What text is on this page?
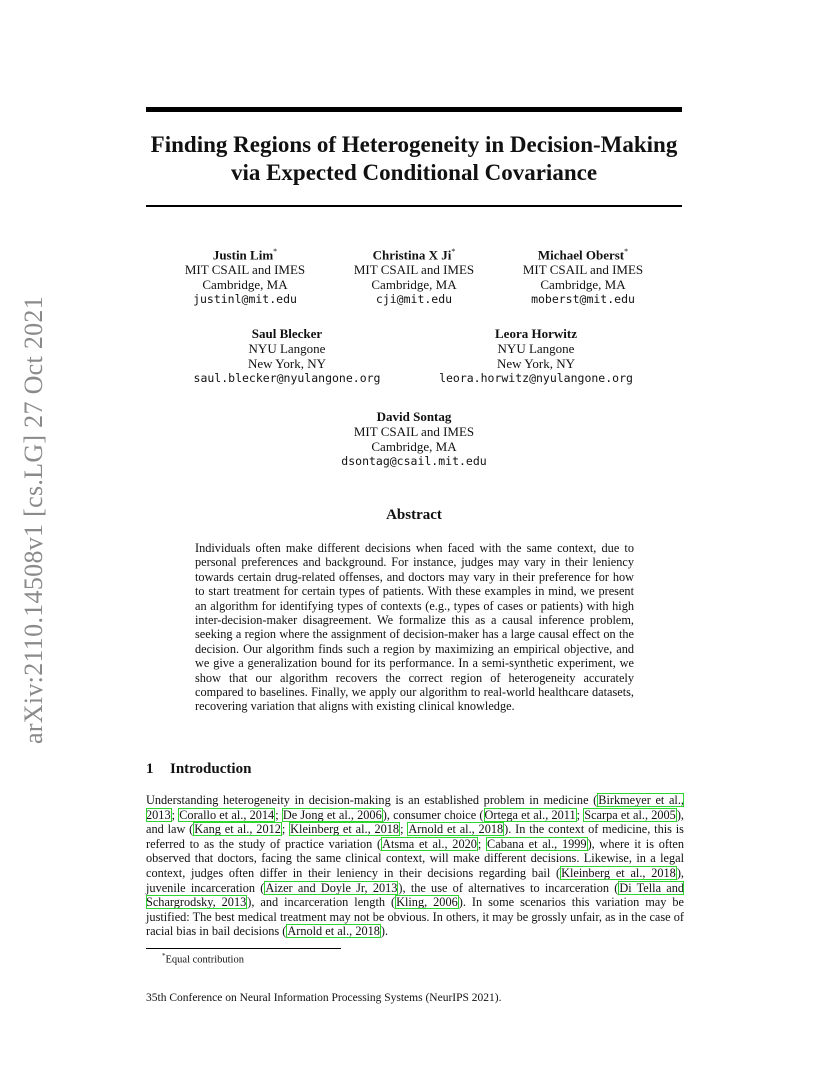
arXiv:2110.14508v1 [cs.LG] 27 Oct 2021
Finding Regions of Heterogeneity in Decision-Making
via Expected Conditional Covariance
Justin Lim*
MIT CSAIL and IMES
Cambridge, MA
justinl@mit.edu
Christina X Ji*
MIT CSAIL and IMES
Cambridge, MA
cji@mit.edu
Michael Oberst*
MIT CSAIL and IMES
Cambridge, MA
moberst@mit.edu
Saul Blecker
NYU Langone
New York, NY
saul.blecker@nyulangone.org
Leora Horwitz
NYU Langone
New York, NY
leora.horwitz@nyulangone.org
David Sontag
MIT CSAIL and IMES
Cambridge, MA
dsontag@csail.mit.edu
Abstract

Individuals often make different decisions when faced with the same context, due to personal preferences and background. For instance, judges may vary in their leniency towards certain drug-related offenses, and doctors may vary in their preference for how to start treatment for certain types of patients. With these examples in mind, we present an algorithm for identifying types of contexts (e.g., types of cases or patients) with high inter-decision-maker disagreement. We formalize this as a causal inference problem, seeking a region where the assignment of decision-maker has a large causal effect on the decision. Our algorithm finds such a region by maximizing an empirical objective, and we give a generalization bound for its performance. In a semi-synthetic experiment, we show that our algorithm recovers the correct region of heterogeneity accurately compared to baselines. Finally, we apply our algorithm to real-world healthcare datasets, recovering variation that aligns with existing clinical knowledge.

1 Introduction

Understanding heterogeneity in decision-making is an established problem in medicine (Birkmeyer et al., 2013; Corallo et al., 2014; De Jong et al., 2006), consumer choice (Ortega et al., 2011; Scarpa et al., 2005), and law (Kang et al., 2012; Kleinberg et al., 2018; Arnold et al., 2018). In the context of medicine, this is referred to as the study of practice variation (Atsma et al., 2020; Cabana et al., 1999), where it is often observed that doctors, facing the same clinical context, will make different decisions. Likewise, in a legal context, judges often differ in their leniency in their decisions regarding bail (Kleinberg et al., 2018), juvenile incarceration (Aizer and Doyle Jr, 2013), the use of alternatives to incarceration (Di Tella and Schargrodsky, 2013), and incarceration length (Kling, 2006). In some scenarios this variation may be justified: The best medical treatment may not be obvious. In others, it may be grossly unfair, as in the case of racial bias in bail decisions (Arnold et al., 2018).

*Equal contribution

35th Conference on Neural Information Processing Systems (NeurIPS 2021).
